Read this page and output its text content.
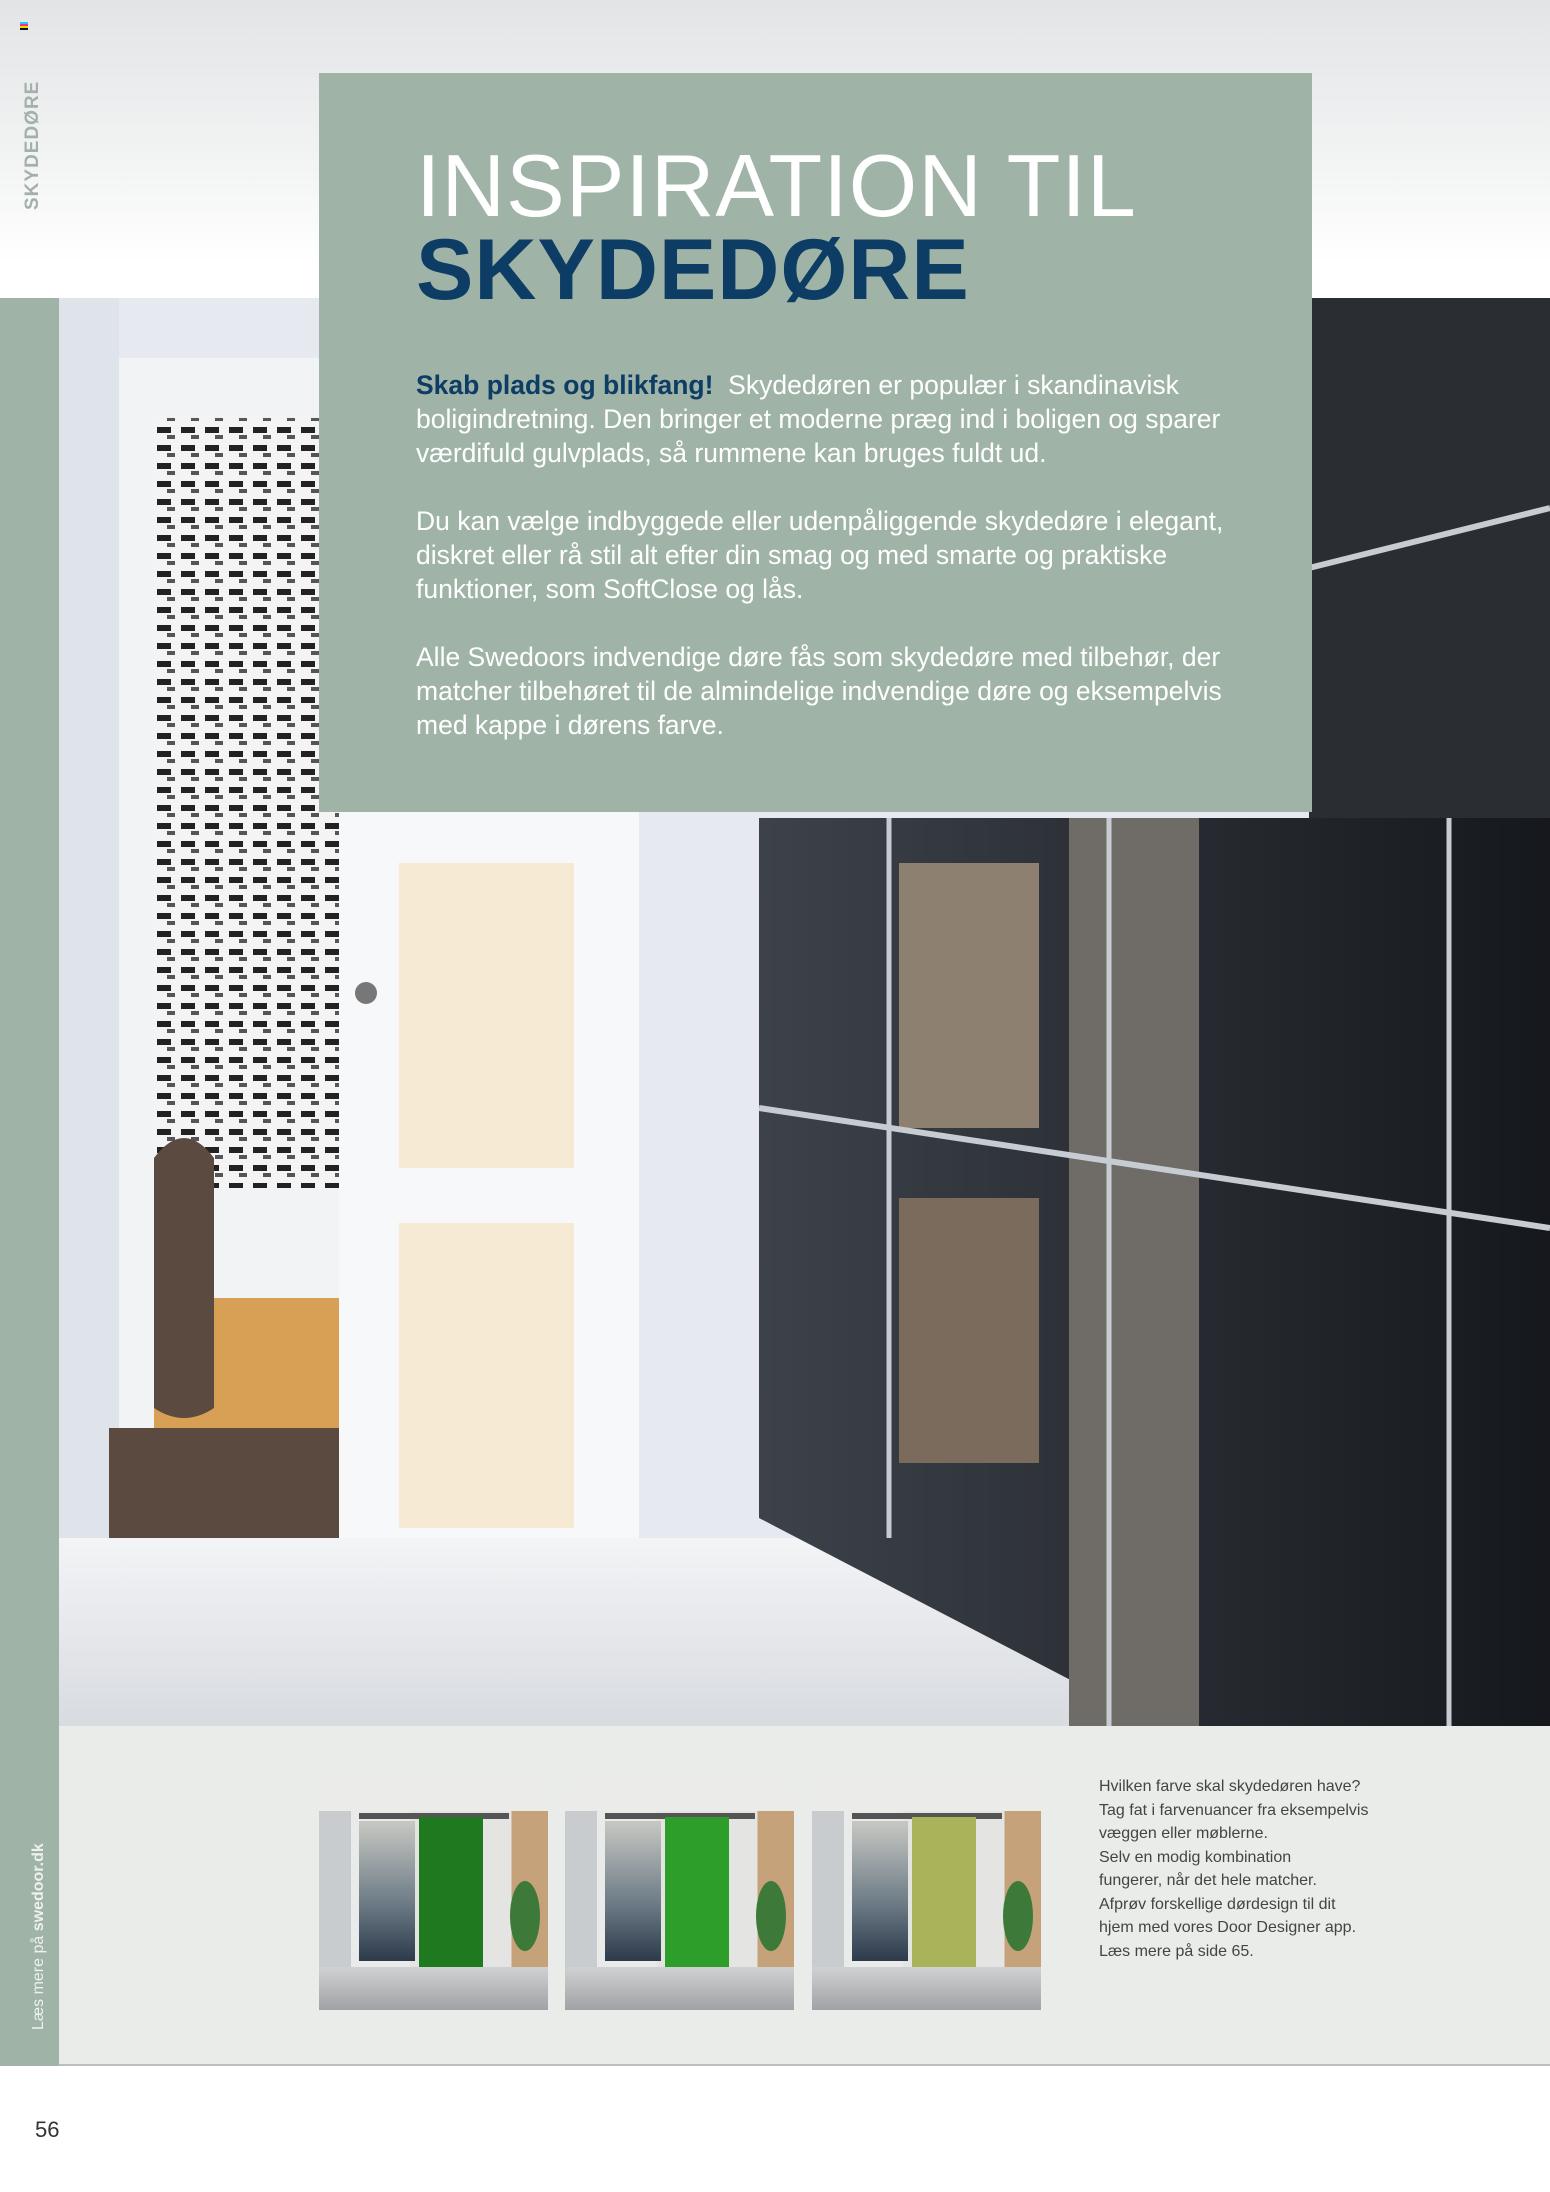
SKYDEDØRE
Læs mere på swedoor.dk
Hvilken farve skal skydedøren have?
Tag fat i farvenuancer fra eksempelvis
væggen eller møblerne.
Selv en modig kombination
fungerer, når det hele matcher.
Afprøv forskellige dørdesign til dit
hjem med vores Door Designer app.
Læs mere på side 65.
INSPIRATION TIL
SKYDEDØRE

Skab plads og blikfang! Skydedøren er populær i skandinavisk boligindretning. Den bringer et moderne præg ind i boligen og sparer værdifuld gulvplads, så rummene kan bruges fuldt ud.

Du kan vælge indbyggede eller udenpåliggende skydedøre i elegant, diskret eller rå stil alt efter din smag og med smarte og praktiske funktioner, som SoftClose og lås.

Alle Swedoors indvendige døre fås som skydedøre med tilbehør, der matcher tilbehøret til de almindelige indvendige døre og eksempelvis med kappe i dørens farve.

56
